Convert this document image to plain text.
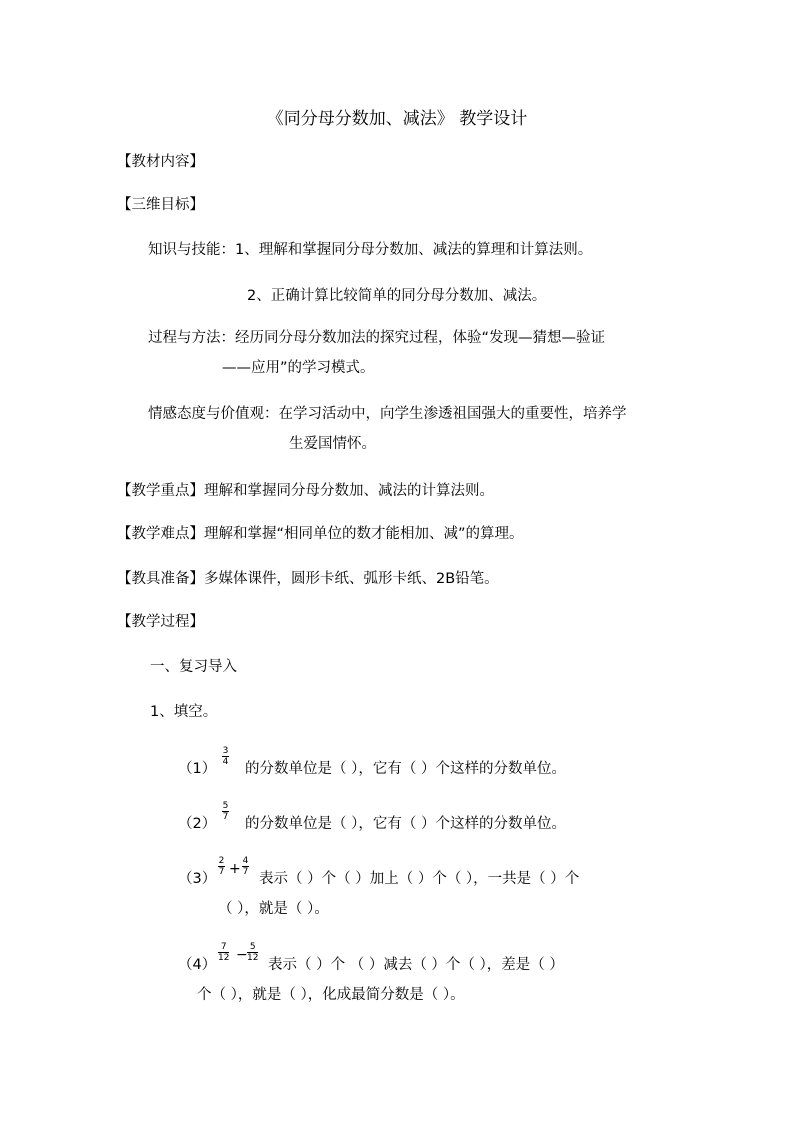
《同分母分数加、减法》 教学设计
【教材内容】
【三维目标】
知识与技能：1、理解和掌握同分母分数加、减法的算理和计算法则。
2、正确计算比较简单的同分母分数加、减法。
过程与方法：经历同分母分数加法的探究过程，体验“发现—猜想—验证
——应用”的学习模式。
情感态度与价值观：在学习活动中，向学生渗透祖国强大的重要性，培养学
生爱国情怀。
【教学重点】理解和掌握同分母分数加、减法的计算法则。
【教学难点】理解和掌握“相同单位的数才能相加、减”的算理。
【教具准备】多媒体课件，圆形卡纸、弧形卡纸、2B铅笔。
【教学过程】
一、复习导入
1、填空。
（1）
3
4 的分数单位是（ ），它有（ ）个这样的分数单位。
（2）
5
7 的分数单位是（ ），它有（ ）个这样的分数单位。
（3）
2
7 + 4
7 表示（ ）个（ ）加上（ ）个（ ），一共是（ ）个
（ ），就是（ ）。
（4）
7
12 − 5
12 表示（ ）个 （ ）减去（ ）个（ ），差是（ ）
个（ ），就是（ ），化成最简分数是（ ）。
